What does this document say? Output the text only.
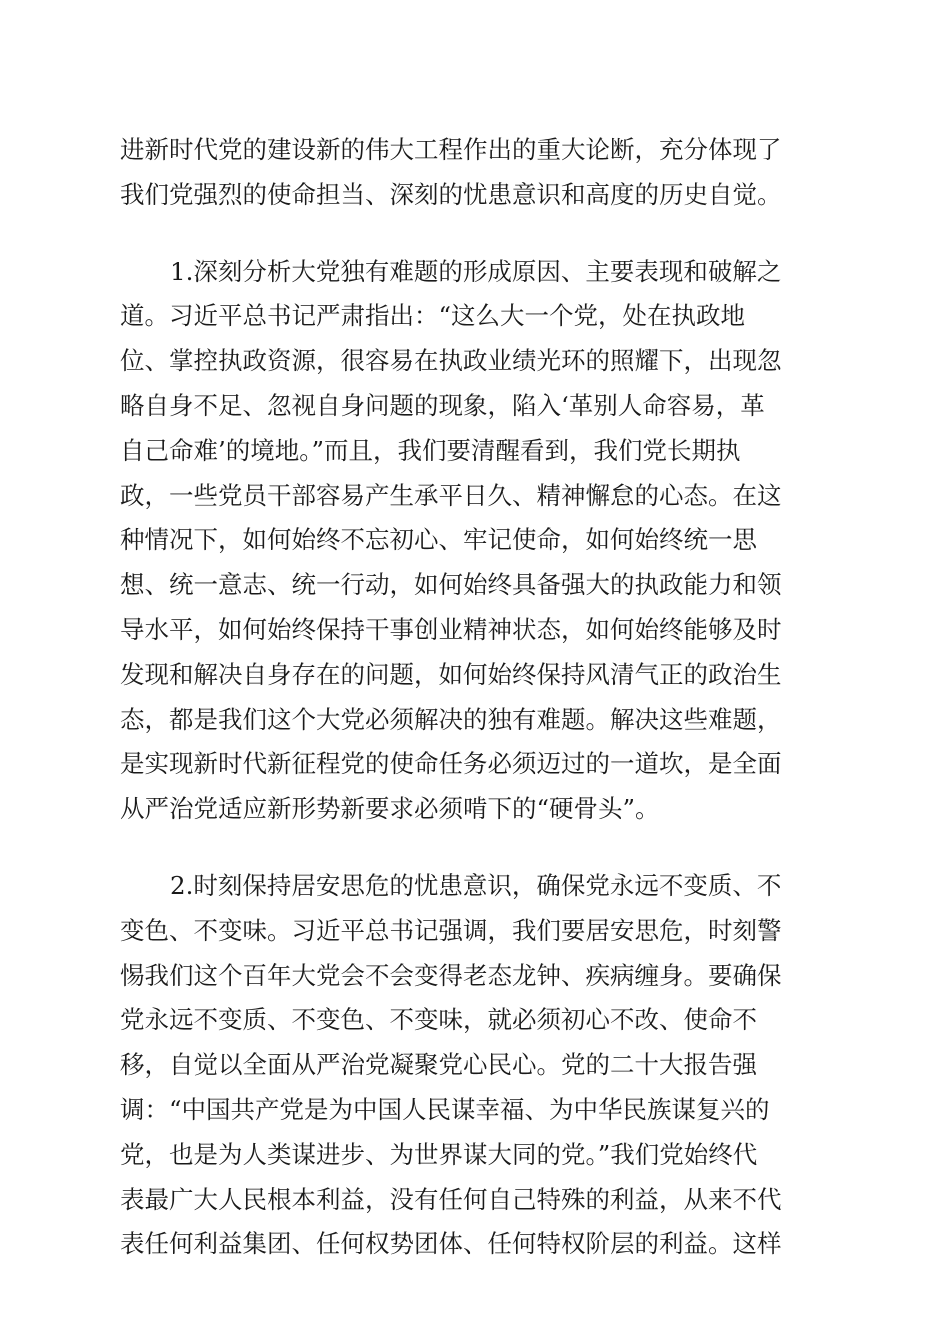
进新时代党的建设新的伟大工程作出的重大论断，充分体现了
我们党强烈的使命担当、深刻的忧患意识和高度的历史自觉。
1.深刻分析大党独有难题的形成原因、主要表现和破解之
道。习近平总书记严肃指出：“这么大一个党，处在执政地
位、掌控执政资源，很容易在执政业绩光环的照耀下，出现忽
略自身不足、忽视自身问题的现象，陷入‘革别人命容易，革
自己命难’的境地。”而且，我们要清醒看到，我们党长期执
政，一些党员干部容易产生承平日久、精神懈怠的心态。在这
种情况下，如何始终不忘初心、牢记使命，如何始终统一思
想、统一意志、统一行动，如何始终具备强大的执政能力和领
导水平，如何始终保持干事创业精神状态，如何始终能够及时
发现和解决自身存在的问题，如何始终保持风清气正的政治生
态，都是我们这个大党必须解决的独有难题。解决这些难题，
是实现新时代新征程党的使命任务必须迈过的一道坎，是全面
从严治党适应新形势新要求必须啃下的“硬骨头”。
2.时刻保持居安思危的忧患意识，确保党永远不变质、不
变色、不变味。习近平总书记强调，我们要居安思危，时刻警
惕我们这个百年大党会不会变得老态龙钟、疾病缠身。要确保
党永远不变质、不变色、不变味，就必须初心不改、使命不
移，自觉以全面从严治党凝聚党心民心。党的二十大报告强
调：“中国共产党是为中国人民谋幸福、为中华民族谋复兴的
党，也是为人类谋进步、为世界谋大同的党。”我们党始终代
表最广大人民根本利益，没有任何自己特殊的利益，从来不代
表任何利益集团、任何权势团体、任何特权阶层的利益。这样
